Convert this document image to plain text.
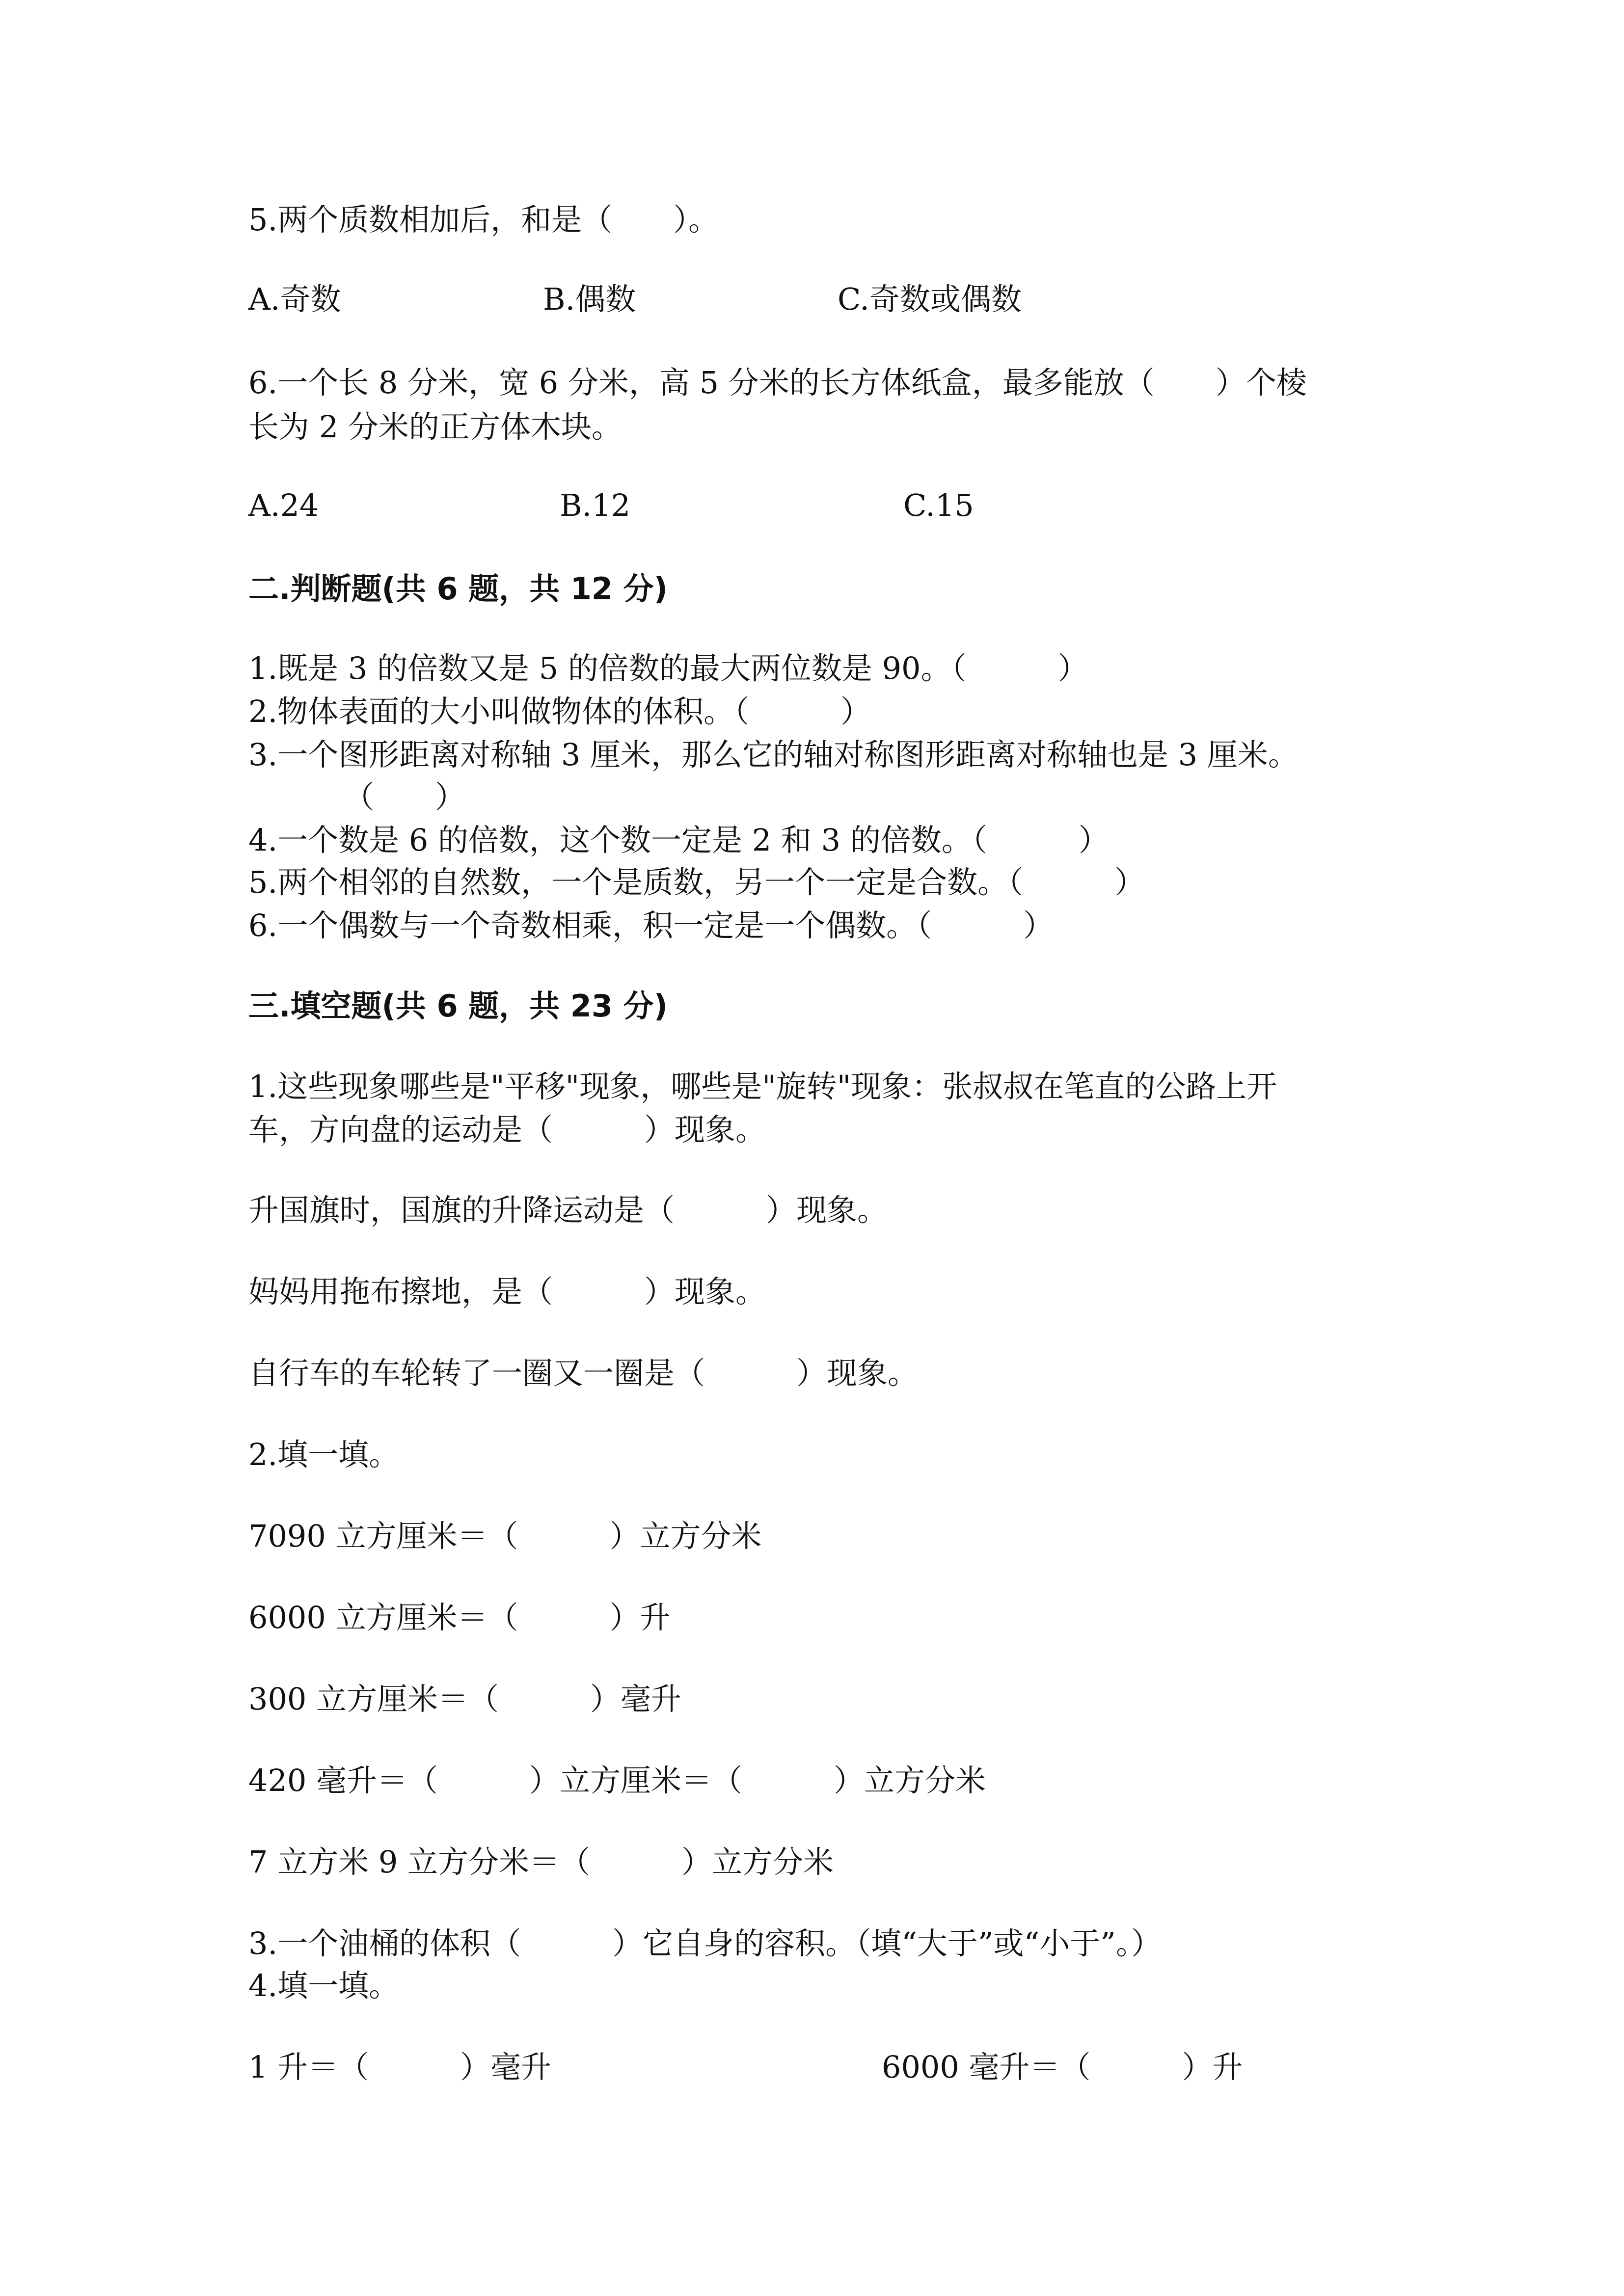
5.两个质数相加后，和是（　　）。

A.奇数	B.偶数	C.奇数或偶数

6.一个长 8 分米，宽 6 分米，高 5 分米的长方体纸盒，最多能放（　　）个棱

长为 2 分米的正方体木块。

A.24	B.12	C.15

二.判断题(共 6 题，共 12 分)

1.既是 3 的倍数又是 5 的倍数的最大两位数是 90。（　　　）

2.物体表面的大小叫做物体的体积。（　　　）

3.一个图形距离对称轴 3 厘米，那么它的轴对称图形距离对称轴也是 3 厘米。

（　　）

4.一个数是 6 的倍数，这个数一定是 2 和 3 的倍数。（　　　）

5.两个相邻的自然数，一个是质数，另一个一定是合数。（　　　）

6.一个偶数与一个奇数相乘，积一定是一个偶数。（　　　）

三.填空题(共 6 题，共 23 分)

1.这些现象哪些是"平移"现象，哪些是"旋转"现象：张叔叔在笔直的公路上开

车，方向盘的运动是（　　　）现象。

升国旗时，国旗的升降运动是（　　　）现象。

妈妈用拖布擦地，是（　　　）现象。

自行车的车轮转了一圈又一圈是（　　　）现象。

2.填一填。

7090 立方厘米＝（　　　）立方分米

6000 立方厘米＝（　　　）升

300 立方厘米＝（　　　）毫升

420 毫升＝（　　　）立方厘米＝（　　　）立方分米

7 立方米 9 立方分米＝（　　　）立方分米

3.一个油桶的体积（　　　）它自身的容积。（填“大于”或“小于”。）

4.填一填。

1 升＝（　　　）毫升	6000 毫升＝（　　　）升
